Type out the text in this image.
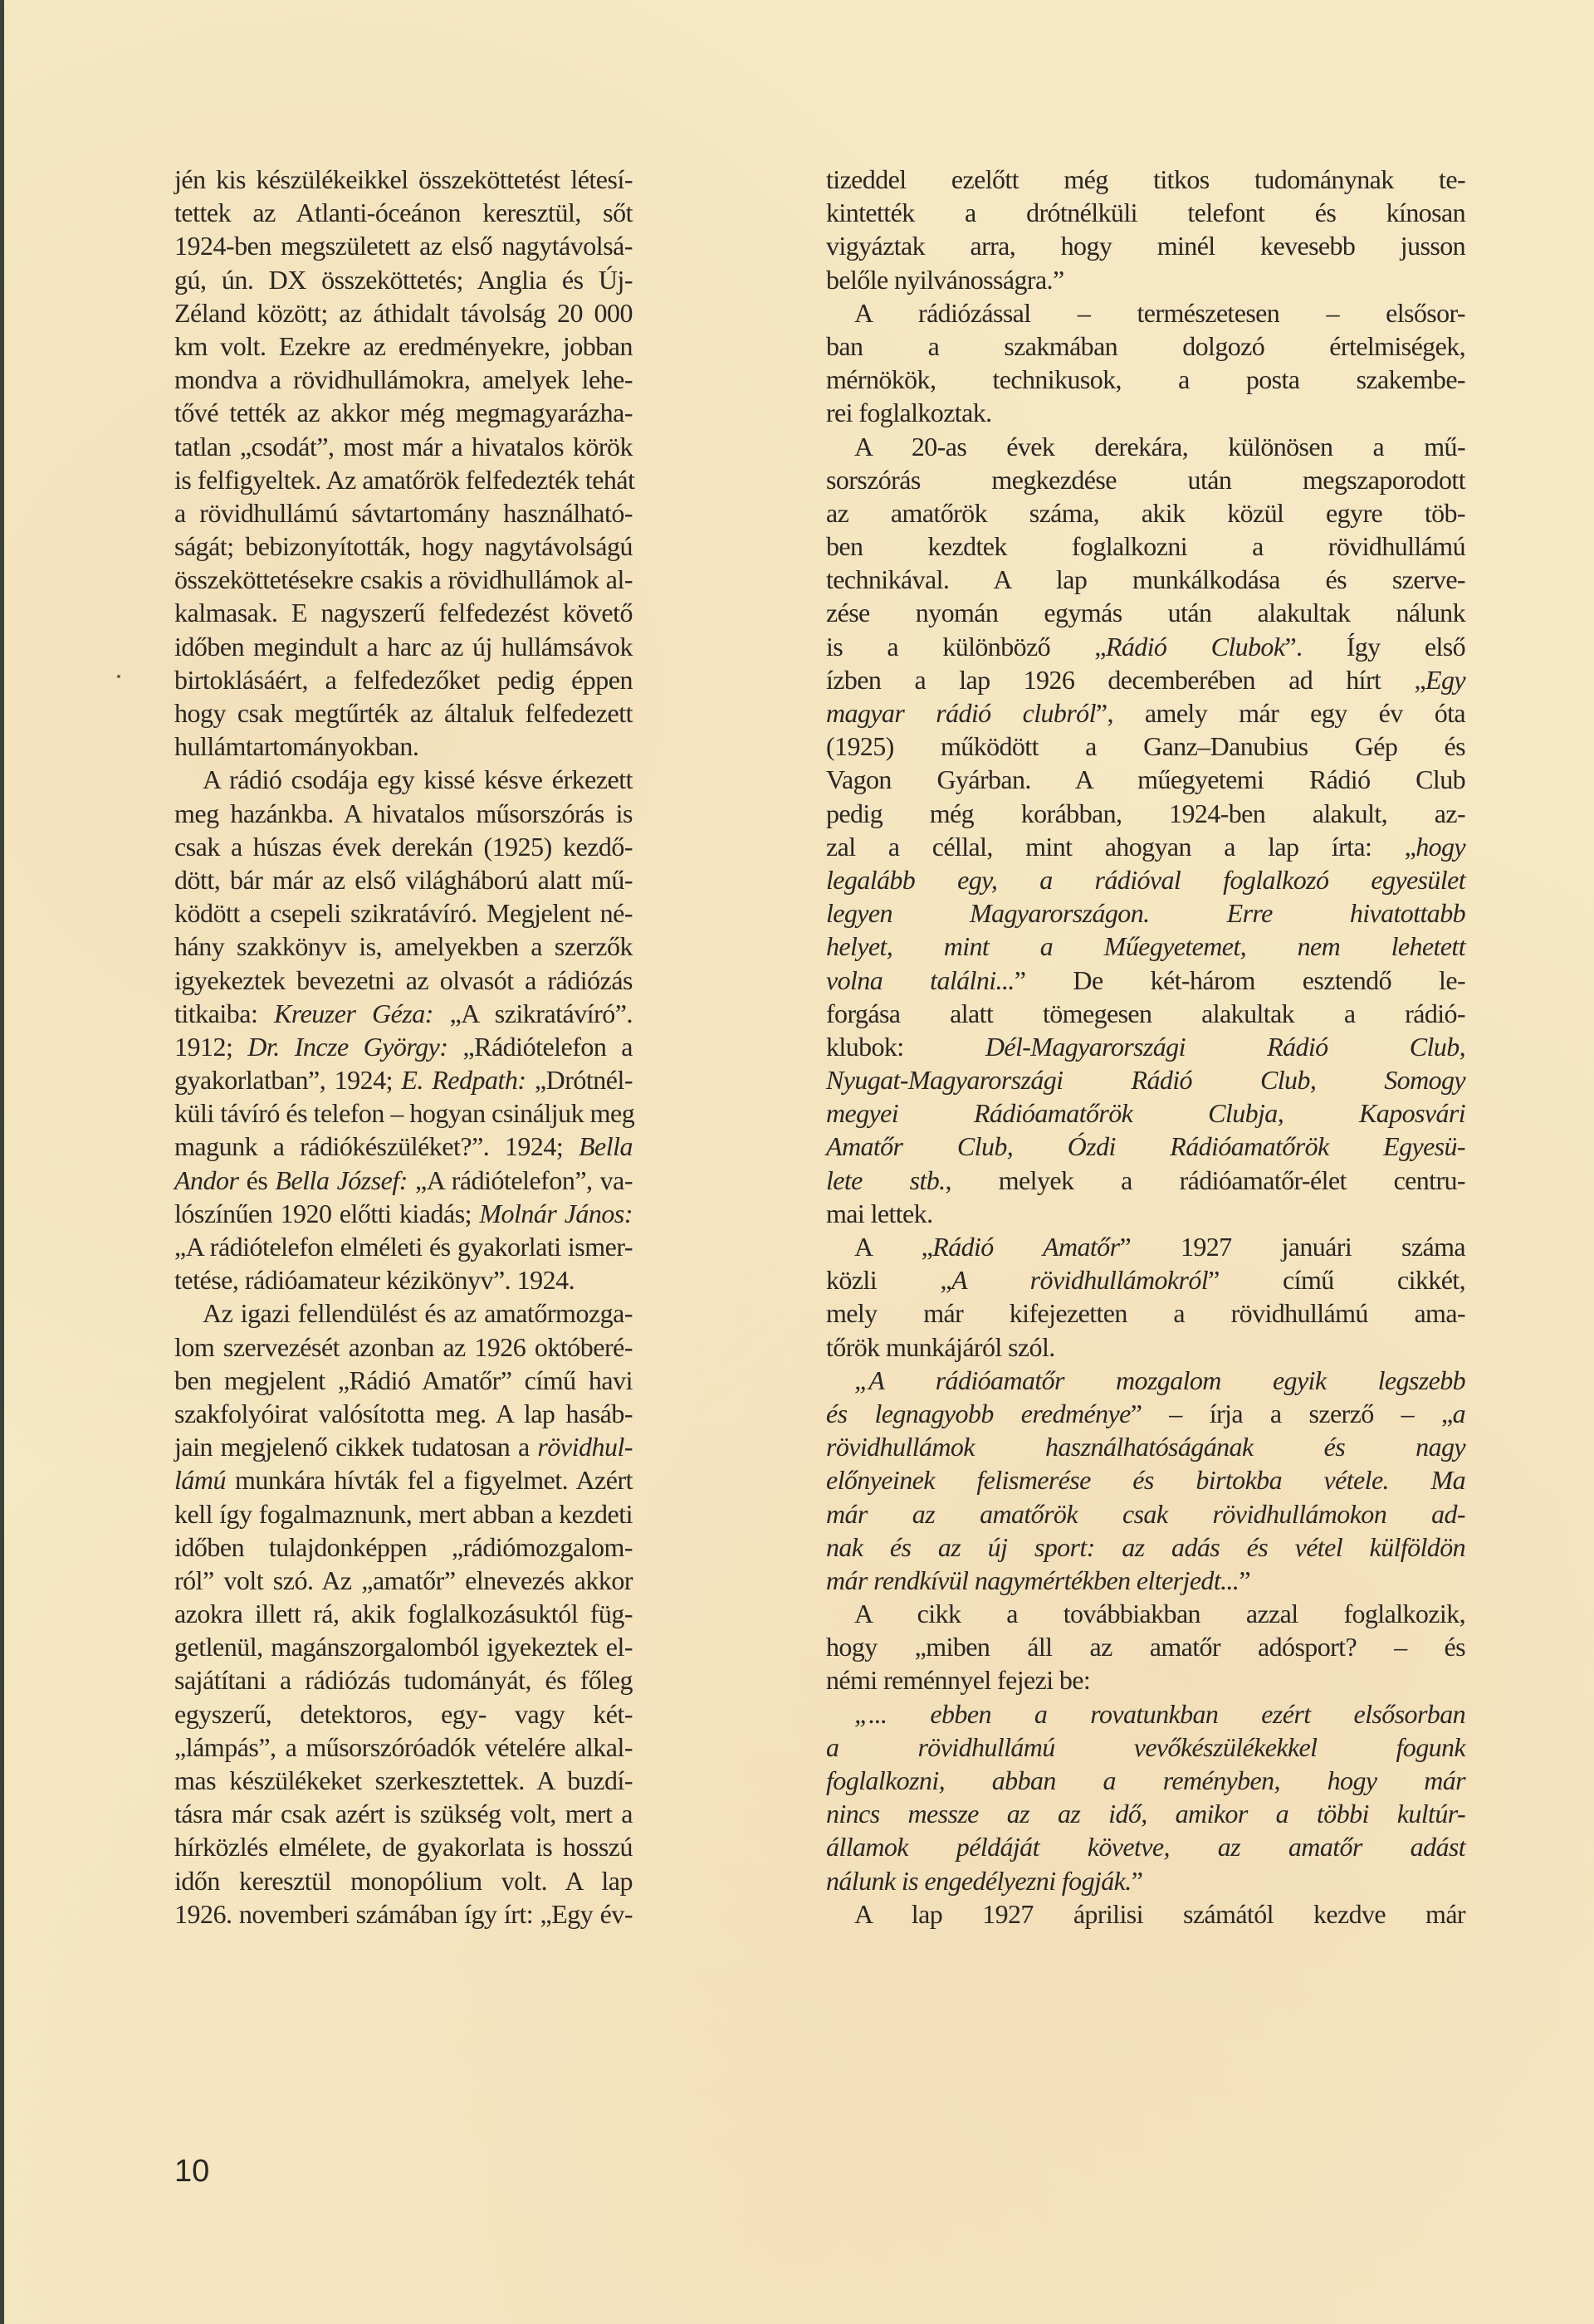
jén kis készülékeikkel összeköttetést létesí-
tettek az Atlanti-óceánon keresztül, sőt
1924-ben megszületett az első nagytávolsá-
gú, ún. DX összeköttetés; Anglia és Új-
Zéland között; az áthidalt távolság 20 000
km volt. Ezekre az eredményekre, jobban
mondva a rövidhullámokra, amelyek lehe-
tővé tették az akkor még megmagyarázha-
tatlan „csodát”, most már a hivatalos körök
is felfigyeltek. Az amatőrök felfedezték tehát
a rövidhullámú sávtartomány használható-
ságát; bebizonyították, hogy nagytávolságú
összeköttetésekre csakis a rövidhullámok al-
kalmasak. E nagyszerű felfedezést követő
időben megindult a harc az új hullámsávok
birtoklásáért, a felfedezőket pedig éppen
hogy csak megtűrték az általuk felfedezett
hullámtartományokban.
A rádió csodája egy kissé késve érkezett
meg hazánkba. A hivatalos műsorszórás is
csak a húszas évek derekán (1925) kezdő-
dött, bár már az első világháború alatt mű-
ködött a csepeli szikratávíró. Megjelent né-
hány szakkönyv is, amelyekben a szerzők
igyekeztek bevezetni az olvasót a rádiózás
titkaiba: Kreuzer Géza: „A szikratávíró”.
1912; Dr. Incze György: „Rádiótelefon a
gyakorlatban”, 1924; E. Redpath: „Drótnél-
küli távíró és telefon – hogyan csináljuk meg
magunk a rádiókészüléket?”. 1924; Bella
Andor és Bella József: „A rádiótelefon”, va-
lószínűen 1920 előtti kiadás; Molnár János:
„A rádiótelefon elméleti és gyakorlati ismer-
tetése, rádióamateur kézikönyv”. 1924.
Az igazi fellendülést és az amatőrmozga-
lom szervezését azonban az 1926 októberé-
ben megjelent „Rádió Amatőr” című havi
szakfolyóirat valósította meg. A lap hasáb-
jain megjelenő cikkek tudatosan a rövidhul-
lámú munkára hívták fel a figyelmet. Azért
kell így fogalmaznunk, mert abban a kezdeti
időben tulajdonképpen „rádiómozgalom-
ról” volt szó. Az „amatőr” elnevezés akkor
azokra illett rá, akik foglalkozásuktól füg-
getlenül, magánszorgalomból igyekeztek el-
sajátítani a rádiózás tudományát, és főleg
egyszerű, detektoros, egy- vagy két-
„lámpás”, a műsorszóróadók vételére alkal-
mas készülékeket szerkesztettek. A buzdí-
tásra már csak azért is szükség volt, mert a
hírközlés elmélete, de gyakorlata is hosszú
időn keresztül monopólium volt. A lap
1926. novemberi számában így írt: „Egy év-
tizeddel ezelőtt még titkos tudománynak te-
kintették a drótnélküli telefont és kínosan
vigyáztak arra, hogy minél kevesebb jusson
belőle nyilvánosságra.”
A rádiózással – természetesen – elsősor-
ban a szakmában dolgozó értelmiségek,
mérnökök, technikusok, a posta szakembe-
rei foglalkoztak.
A 20-as évek derekára, különösen a mű-
sorszórás megkezdése után megszaporodott
az amatőrök száma, akik közül egyre töb-
ben kezdtek foglalkozni a rövidhullámú
technikával. A lap munkálkodása és szerve-
zése nyomán egymás után alakultak nálunk
is a különböző „Rádió Clubok”. Így első
ízben a lap 1926 decemberében ad hírt „Egy
magyar rádió clubról”, amely már egy év óta
(1925) működött a Ganz–Danubius Gép és
Vagon Gyárban. A műegyetemi Rádió Club
pedig még korábban, 1924-ben alakult, az-
zal a céllal, mint ahogyan a lap írta: „hogy
legalább egy, a rádióval foglalkozó egyesület
legyen Magyarországon. Erre hivatottabb
helyet, mint a Műegyetemet, nem lehetett
volna találni...” De két-három esztendő le-
forgása alatt tömegesen alakultak a rádió-
klubok: Dél-Magyarországi Rádió Club,
Nyugat-Magyarországi Rádió Club, Somogy
megyei Rádióamatőrök Clubja, Kaposvári
Amatőr Club, Ózdi Rádióamatőrök Egyesü-
lete stb., melyek a rádióamatőr-élet centru-
mai lettek.
A „Rádió Amatőr” 1927 januári száma
közli „A rövidhullámokról” című cikkét,
mely már kifejezetten a rövidhullámú ama-
tőrök munkájáról szól.
„A rádióamatőr mozgalom egyik legszebb
és legnagyobb eredménye” – írja a szerző – „a
rövidhullámok használhatóságának és nagy
előnyeinek felismerése és birtokba vétele. Ma
már az amatőrök csak rövidhullámokon ad-
nak és az új sport: az adás és vétel külföldön
már rendkívül nagymértékben elterjedt...”
A cikk a továbbiakban azzal foglalkozik,
hogy „miben áll az amatőr adósport? – és
némi reménnyel fejezi be:
„... ebben a rovatunkban ezért elsősorban
a rövidhullámú vevőkészülékekkel fogunk
foglalkozni, abban a reményben, hogy már
nincs messze az az idő, amikor a többi kultúr-
államok példáját követve, az amatőr adást
nálunk is engedélyezni fogják.”
A lap 1927 áprilisi számától kezdve már
10
